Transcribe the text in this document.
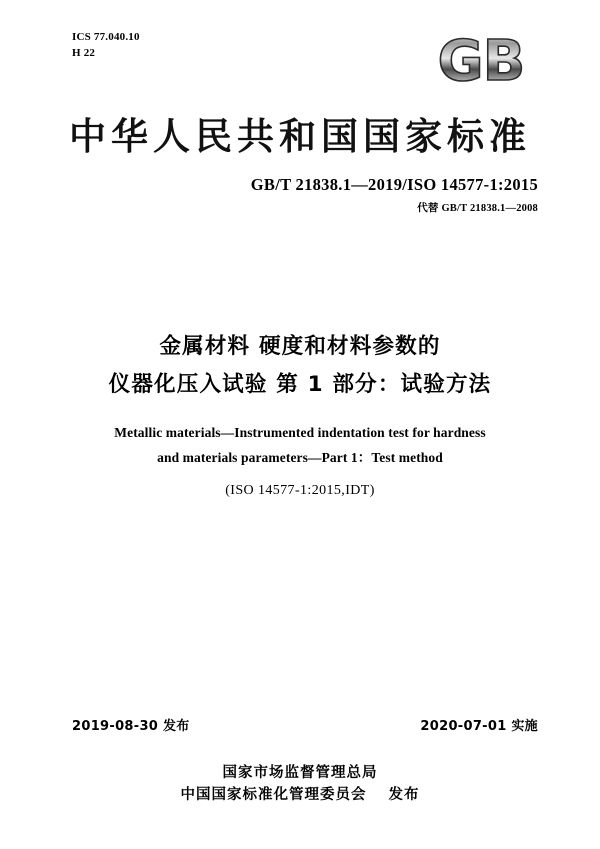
ICS 77.040.10
H 22	GB
中华人民共和国国家标准
GB/T 21838.1—2019/ISO 14577-1:2015
代替 GB/T 21838.1—2008
金属材料 硬度和材料参数的
仪器化压入试验 第 1 部分：试验方法
Metallic materials—Instrumented indentation test for hardness
and materials parameters—Part 1：Test method
(ISO 14577-1:2015,IDT)
2019-08-30 发布	2020-07-01 实施
国家市场监督管理总局
中国国家标准化管理委员会 发布
